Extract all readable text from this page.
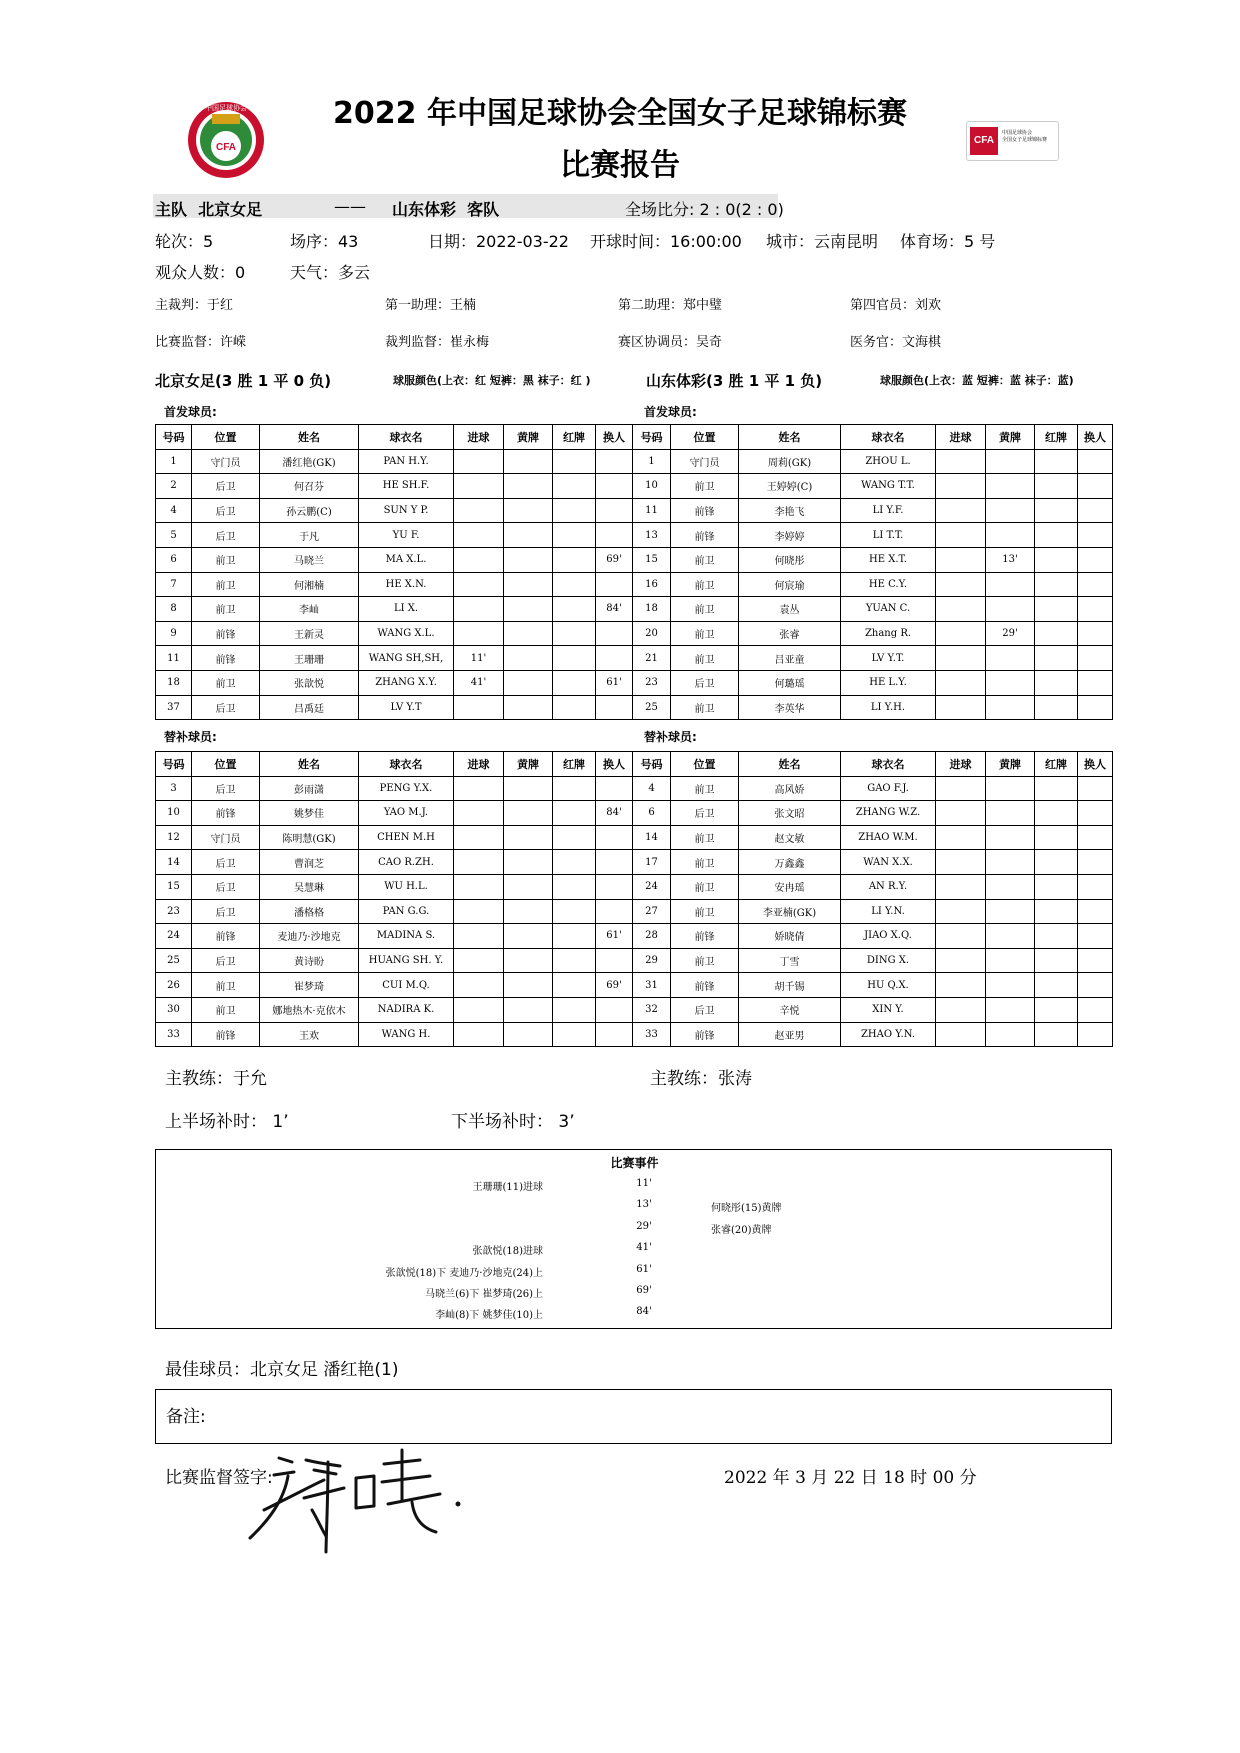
CFA
中国足球协会	2022 年中国足球协会全国女子足球锦标赛
比赛报告
CFA
中国足球协会
全国女子足球锦标赛
主队 北京女足	—— 山东体彩 客队	全场比分: 2 : 0(2 : 0)
轮次：5	场序：43	日期：2022-03-22 开球时间：16:00:00 城市：云南昆明 体育场：5 号
观众人数：0	天气：多云
主裁判：于红	第一助理：王楠	第二助理：郑中璧	第四官员：刘欢
比赛监督：许嵘	裁判监督：崔永梅	赛区协调员：吴奇	医务官：文海棋
北京女足(3 胜 1 平 0 负)	球服颜色(上衣：红 短裤：黑 袜子：红 )	山东体彩(3 胜 1 平 1 负)	球服颜色(上衣：蓝 短裤：蓝 袜子：蓝)
首发球员:	首发球员:
号码	位置	姓名	球衣名	进球	黄牌	红牌	换人
1	守门员	潘红艳(GK)	PAN H.Y.				
2	后卫	何召芬	HE SH.F.				
4	后卫	孙云鹏(C)	SUN Y P.				
5	后卫	于凡	YU F.				
6	前卫	马晓兰	MA X.L.				69'
7	前卫	何湘楠	HE X.N.				
8	前卫	李屾	LI X.				84'
9	前锋	王新灵	WANG X.L.				
11	前锋	王珊珊	WANG SH,SH,	11'			
18	前卫	张歆悦	ZHANG X.Y.	41'			61'
37	后卫	吕禹廷	LV Y.T				
号码	位置	姓名	球衣名	进球	黄牌	红牌	换人
1	守门员	周莉(GK)	ZHOU L.				
10	前卫	王婷婷(C)	WANG T.T.				
11	前锋	李艳飞	LI Y.F.				
13	前锋	李婷婷	LI T.T.				
15	前卫	何晓彤	HE X.T.		13'		
16	前卫	何宸瑜	HE C.Y.				
18	前卫	袁丛	YUAN C.				
20	前卫	张睿	Zhang R.		29'		
21	前卫	吕亚童	LV Y.T.				
23	后卫	何璐瑶	HE L.Y.				
25	前卫	李英华	LI Y.H.				
替补球员:	替补球员:
号码	位置	姓名	球衣名	进球	黄牌	红牌	换人
3	后卫	彭雨潇	PENG Y.X.				
10	前锋	姚梦佳	YAO M.J.				84'
12	守门员	陈明慧(GK)	CHEN M.H				
14	后卫	曹润芝	CAO R.ZH.				
15	后卫	吴慧琳	WU H.L.				
23	后卫	潘格格	PAN G.G.				
24	前锋	麦迪乃·沙地克	MADINA S.				61'
25	后卫	黄诗盼	HUANG SH. Y.				
26	前卫	崔梦琦	CUI M.Q.				69'
30	前卫	娜地热木·克依木	NADIRA K.				
33	前锋	王欢	WANG H.				
号码	位置	姓名	球衣名	进球	黄牌	红牌	换人
4	前卫	高风娇	GAO F.J.				
6	后卫	张文昭	ZHANG W.Z.				
14	前卫	赵文敏	ZHAO W.M.				
17	前卫	万鑫鑫	WAN X.X.				
24	前卫	安冉瑶	AN R.Y.				
27	前卫	李亚楠(GK)	LI Y.N.				
28	前锋	娇晓倩	JIAO X.Q.				
29	前卫	丁雪	DING X.				
31	前锋	胡千锡	HU Q.X.				
32	后卫	辛悦	XIN Y.				
33	前锋	赵亚男	ZHAO Y.N.				
主教练：于允	主教练：张涛
上半场补时： 1’	下半场补时： 3’
比赛事件
王珊珊(11)进球	11'
13'	何晓彤(15)黄牌
29'	张睿(20)黄牌
张歆悦(18)进球	41'
张歆悦(18)下 麦迪乃·沙地克(24)上	61'
马晓兰(6)下 崔梦琦(26)上	69'
李屾(8)下 姚梦佳(10)上	84'
最佳球员：北京女足 潘红艳(1)
备注:
比赛监督签字:	2022 年 3 月 22 日 18 时 00 分
